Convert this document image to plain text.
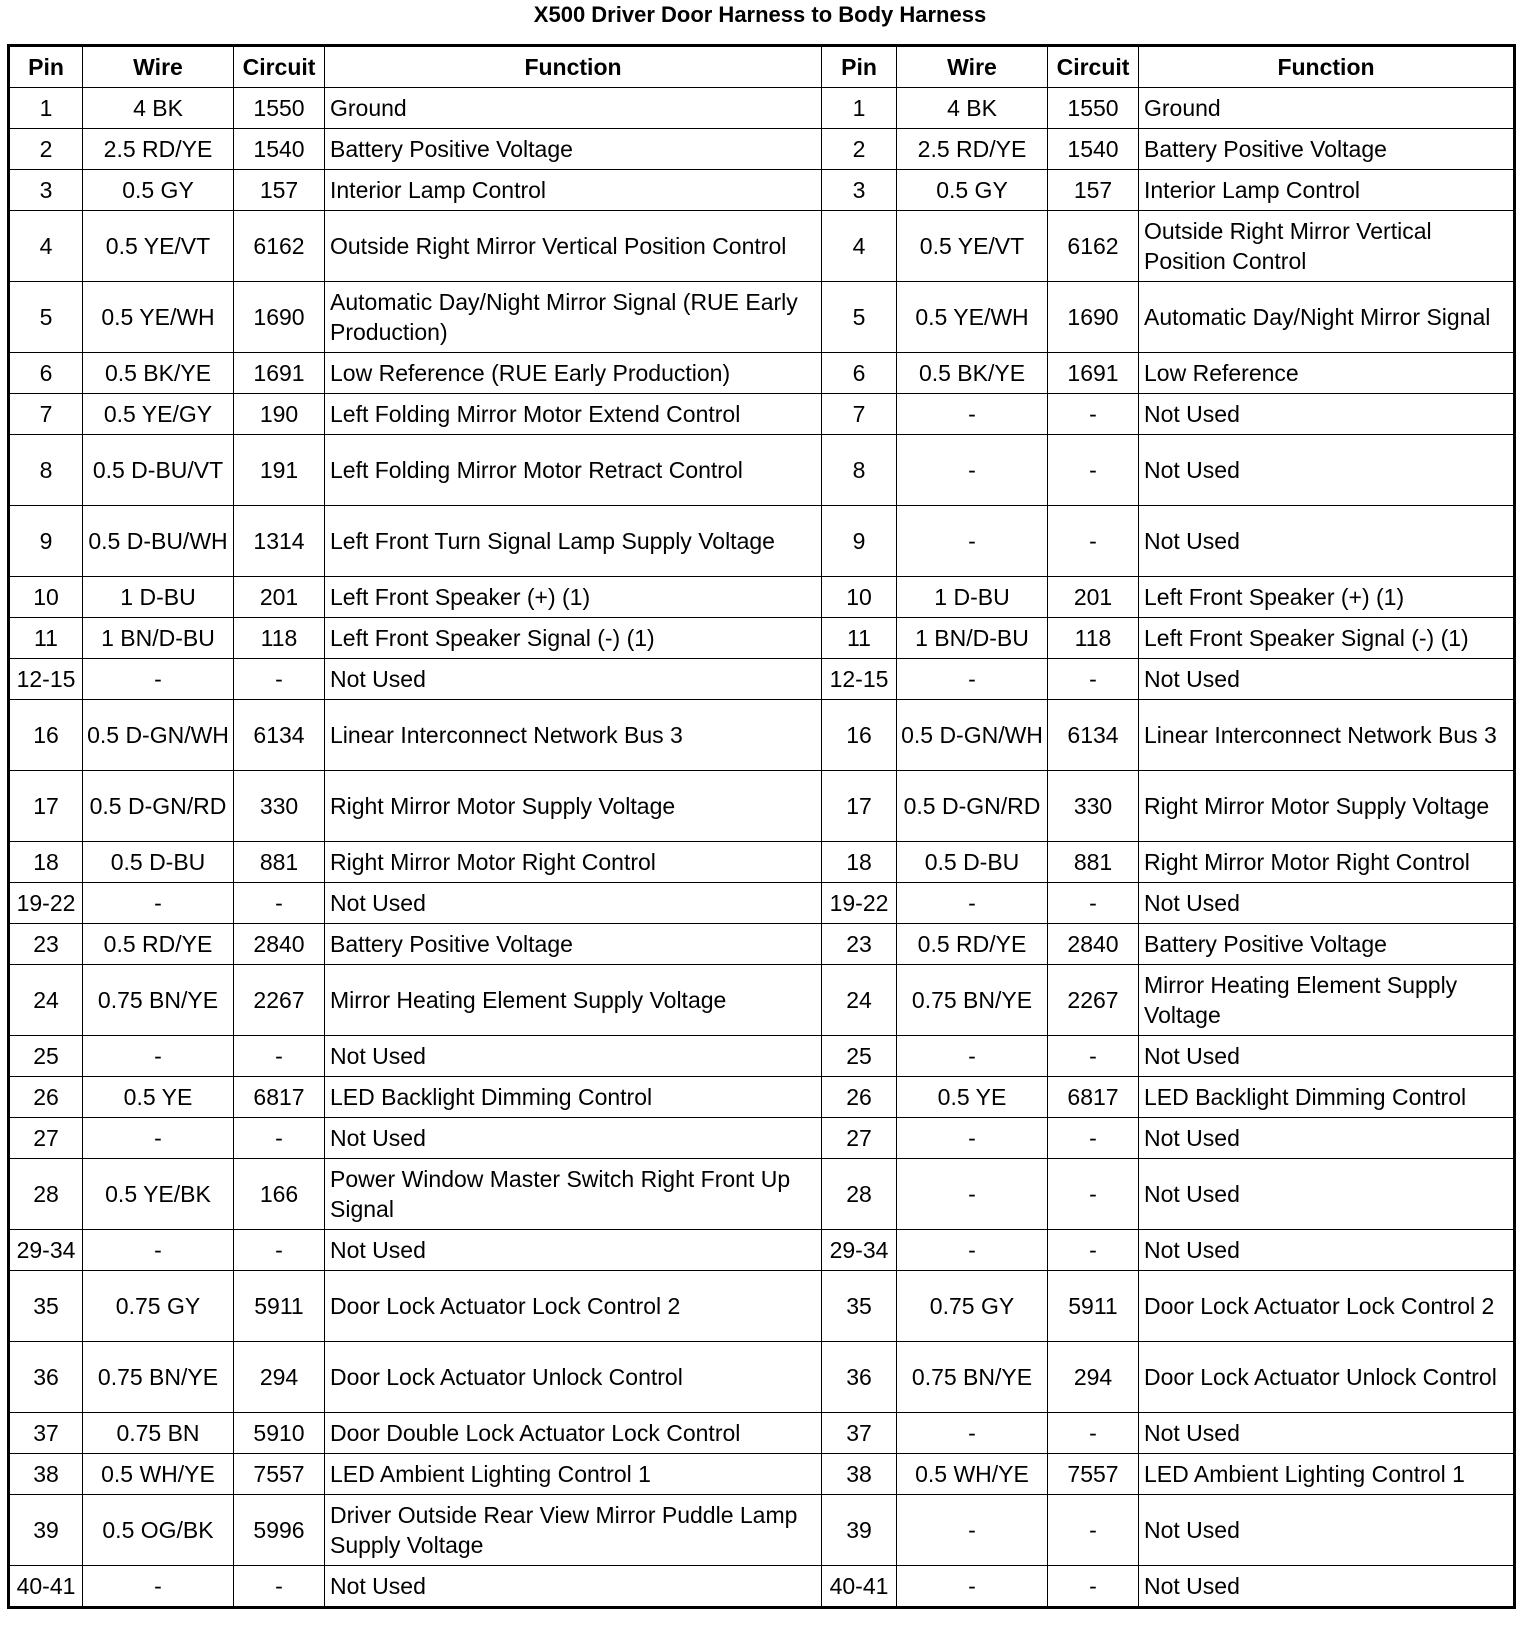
X500 Driver Door Harness to Body Harness
Pin	Wire	Circuit	Function	Pin	Wire	Circuit	Function
1	4 BK	1550	Ground	1	4 BK	1550	Ground
2	2.5 RD/YE	1540	Battery Positive Voltage	2	2.5 RD/YE	1540	Battery Positive Voltage
3	0.5 GY	157	Interior Lamp Control	3	0.5 GY	157	Interior Lamp Control
4	0.5 YE/VT	6162	Outside Right Mirror Vertical Position Control	4	0.5 YE/VT	6162	Outside Right Mirror Vertical Position Control
5	0.5 YE/WH	1690	Automatic Day/Night Mirror Signal (RUE Early Production)	5	0.5 YE/WH	1690	Automatic Day/Night Mirror Signal
6	0.5 BK/YE	1691	Low Reference (RUE Early Production)	6	0.5 BK/YE	1691	Low Reference
7	0.5 YE/GY	190	Left Folding Mirror Motor Extend Control	7	-	-	Not Used
8	0.5 D-BU/VT	191	Left Folding Mirror Motor Retract Control	8	-	-	Not Used
9	0.5 D-BU/WH	1314	Left Front Turn Signal Lamp Supply Voltage	9	-	-	Not Used
10	1 D-BU	201	Left Front Speaker (+) (1)	10	1 D-BU	201	Left Front Speaker (+) (1)
11	1 BN/D-BU	118	Left Front Speaker Signal (-) (1)	11	1 BN/D-BU	118	Left Front Speaker Signal (-) (1)
12-15	-	-	Not Used	12-15	-	-	Not Used
16	0.5 D-GN/WH	6134	Linear Interconnect Network Bus 3	16	0.5 D-GN/WH	6134	Linear Interconnect Network Bus 3
17	0.5 D-GN/RD	330	Right Mirror Motor Supply Voltage	17	0.5 D-GN/RD	330	Right Mirror Motor Supply Voltage
18	0.5 D-BU	881	Right Mirror Motor Right Control	18	0.5 D-BU	881	Right Mirror Motor Right Control
19-22	-	-	Not Used	19-22	-	-	Not Used
23	0.5 RD/YE	2840	Battery Positive Voltage	23	0.5 RD/YE	2840	Battery Positive Voltage
24	0.75 BN/YE	2267	Mirror Heating Element Supply Voltage	24	0.75 BN/YE	2267	Mirror Heating Element Supply Voltage
25	-	-	Not Used	25	-	-	Not Used
26	0.5 YE	6817	LED Backlight Dimming Control	26	0.5 YE	6817	LED Backlight Dimming Control
27	-	-	Not Used	27	-	-	Not Used
28	0.5 YE/BK	166	Power Window Master Switch Right Front Up Signal	28	-	-	Not Used
29-34	-	-	Not Used	29-34	-	-	Not Used
35	0.75 GY	5911	Door Lock Actuator Lock Control 2	35	0.75 GY	5911	Door Lock Actuator Lock Control 2
36	0.75 BN/YE	294	Door Lock Actuator Unlock Control	36	0.75 BN/YE	294	Door Lock Actuator Unlock Control
37	0.75 BN	5910	Door Double Lock Actuator Lock Control	37	-	-	Not Used
38	0.5 WH/YE	7557	LED Ambient Lighting Control 1	38	0.5 WH/YE	7557	LED Ambient Lighting Control 1
39	0.5 OG/BK	5996	Driver Outside Rear View Mirror Puddle Lamp Supply Voltage	39	-	-	Not Used
40-41	-	-	Not Used	40-41	-	-	Not Used
